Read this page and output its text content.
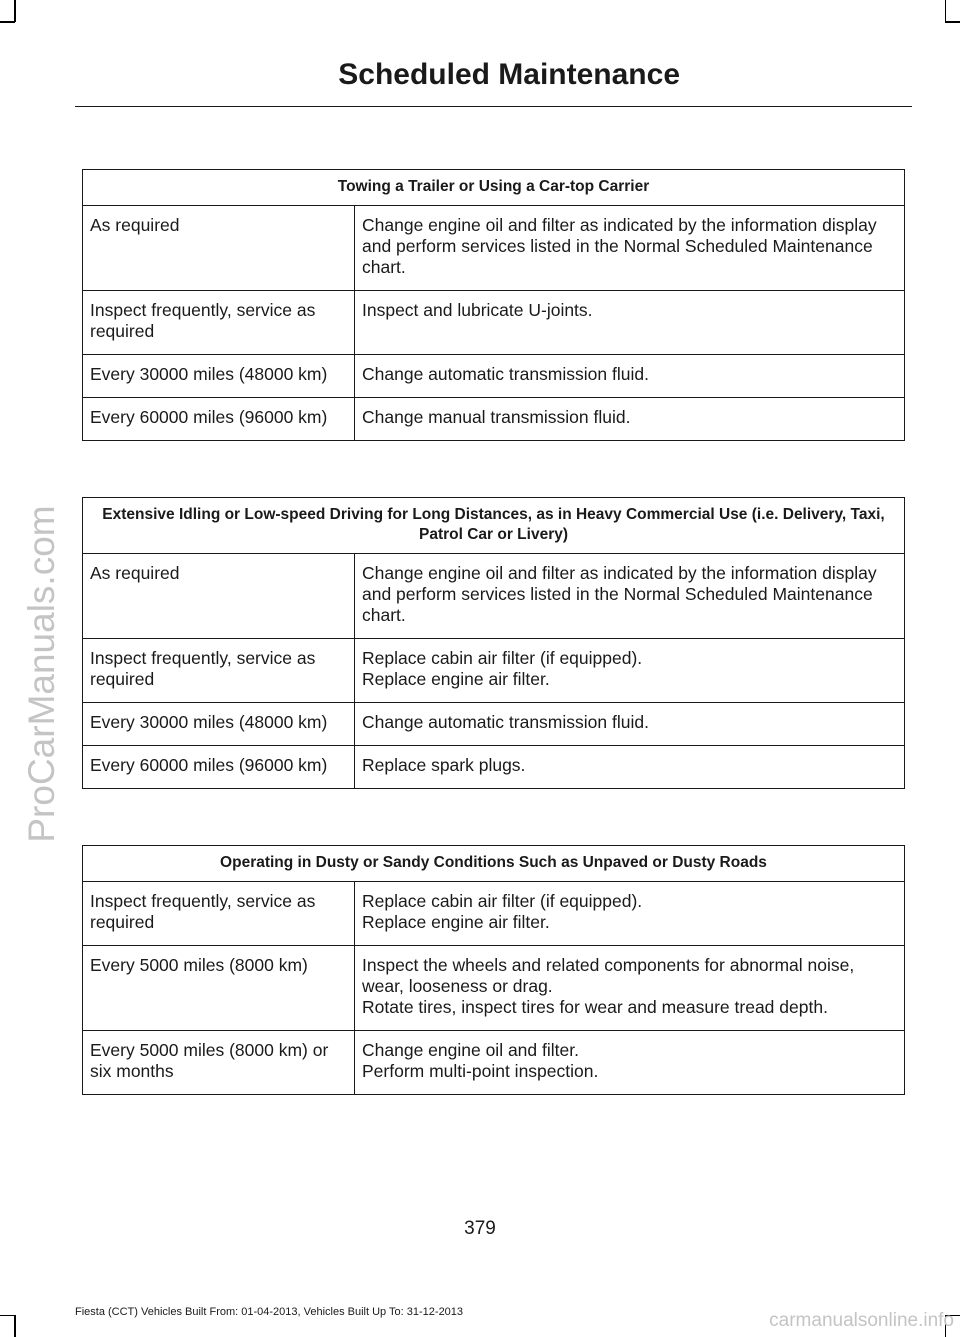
ProCarManuals.com
Scheduled Maintenance
Towing a Trailer or Using a Car-top Carrier	
As required	Change engine oil and filter as indicated by the information display and perform services listed in the Normal Scheduled Maintenance chart.

Inspect frequently, service as required	Inspect and lubricate U-joints.

Every 30000 miles (48000 km)	Change automatic transmission fluid.

Every 60000 miles (96000 km)	Change manual transmission fluid.
Extensive Idling or Low-speed Driving for Long Distances, as in Heavy Commercial Use (i.e. Delivery, Taxi, Patrol Car or Livery)	
As required	Change engine oil and filter as indicated by the information display and perform services listed in the Normal Scheduled Maintenance chart.

Inspect frequently, service as required	Replace cabin air filter (if equipped).
Replace engine air filter.

Every 30000 miles (48000 km)	Change automatic transmission fluid.

Every 60000 miles (96000 km)	Replace spark plugs.
Operating in Dusty or Sandy Conditions Such as Unpaved or Dusty Roads	
Inspect frequently, service as required	Replace cabin air filter (if equipped).
Replace engine air filter.

Every 5000 miles (8000 km)	Inspect the wheels and related components for abnormal noise, wear, looseness or drag.
Rotate tires, inspect tires for wear and measure tread depth.

Every 5000 miles (8000 km) or six months	Change engine oil and filter.
Perform multi-point inspection.
379
Fiesta (CCT) Vehicles Built From: 01-04-2013, Vehicles Built Up To: 31-12-2013	carmanualsonline.info
